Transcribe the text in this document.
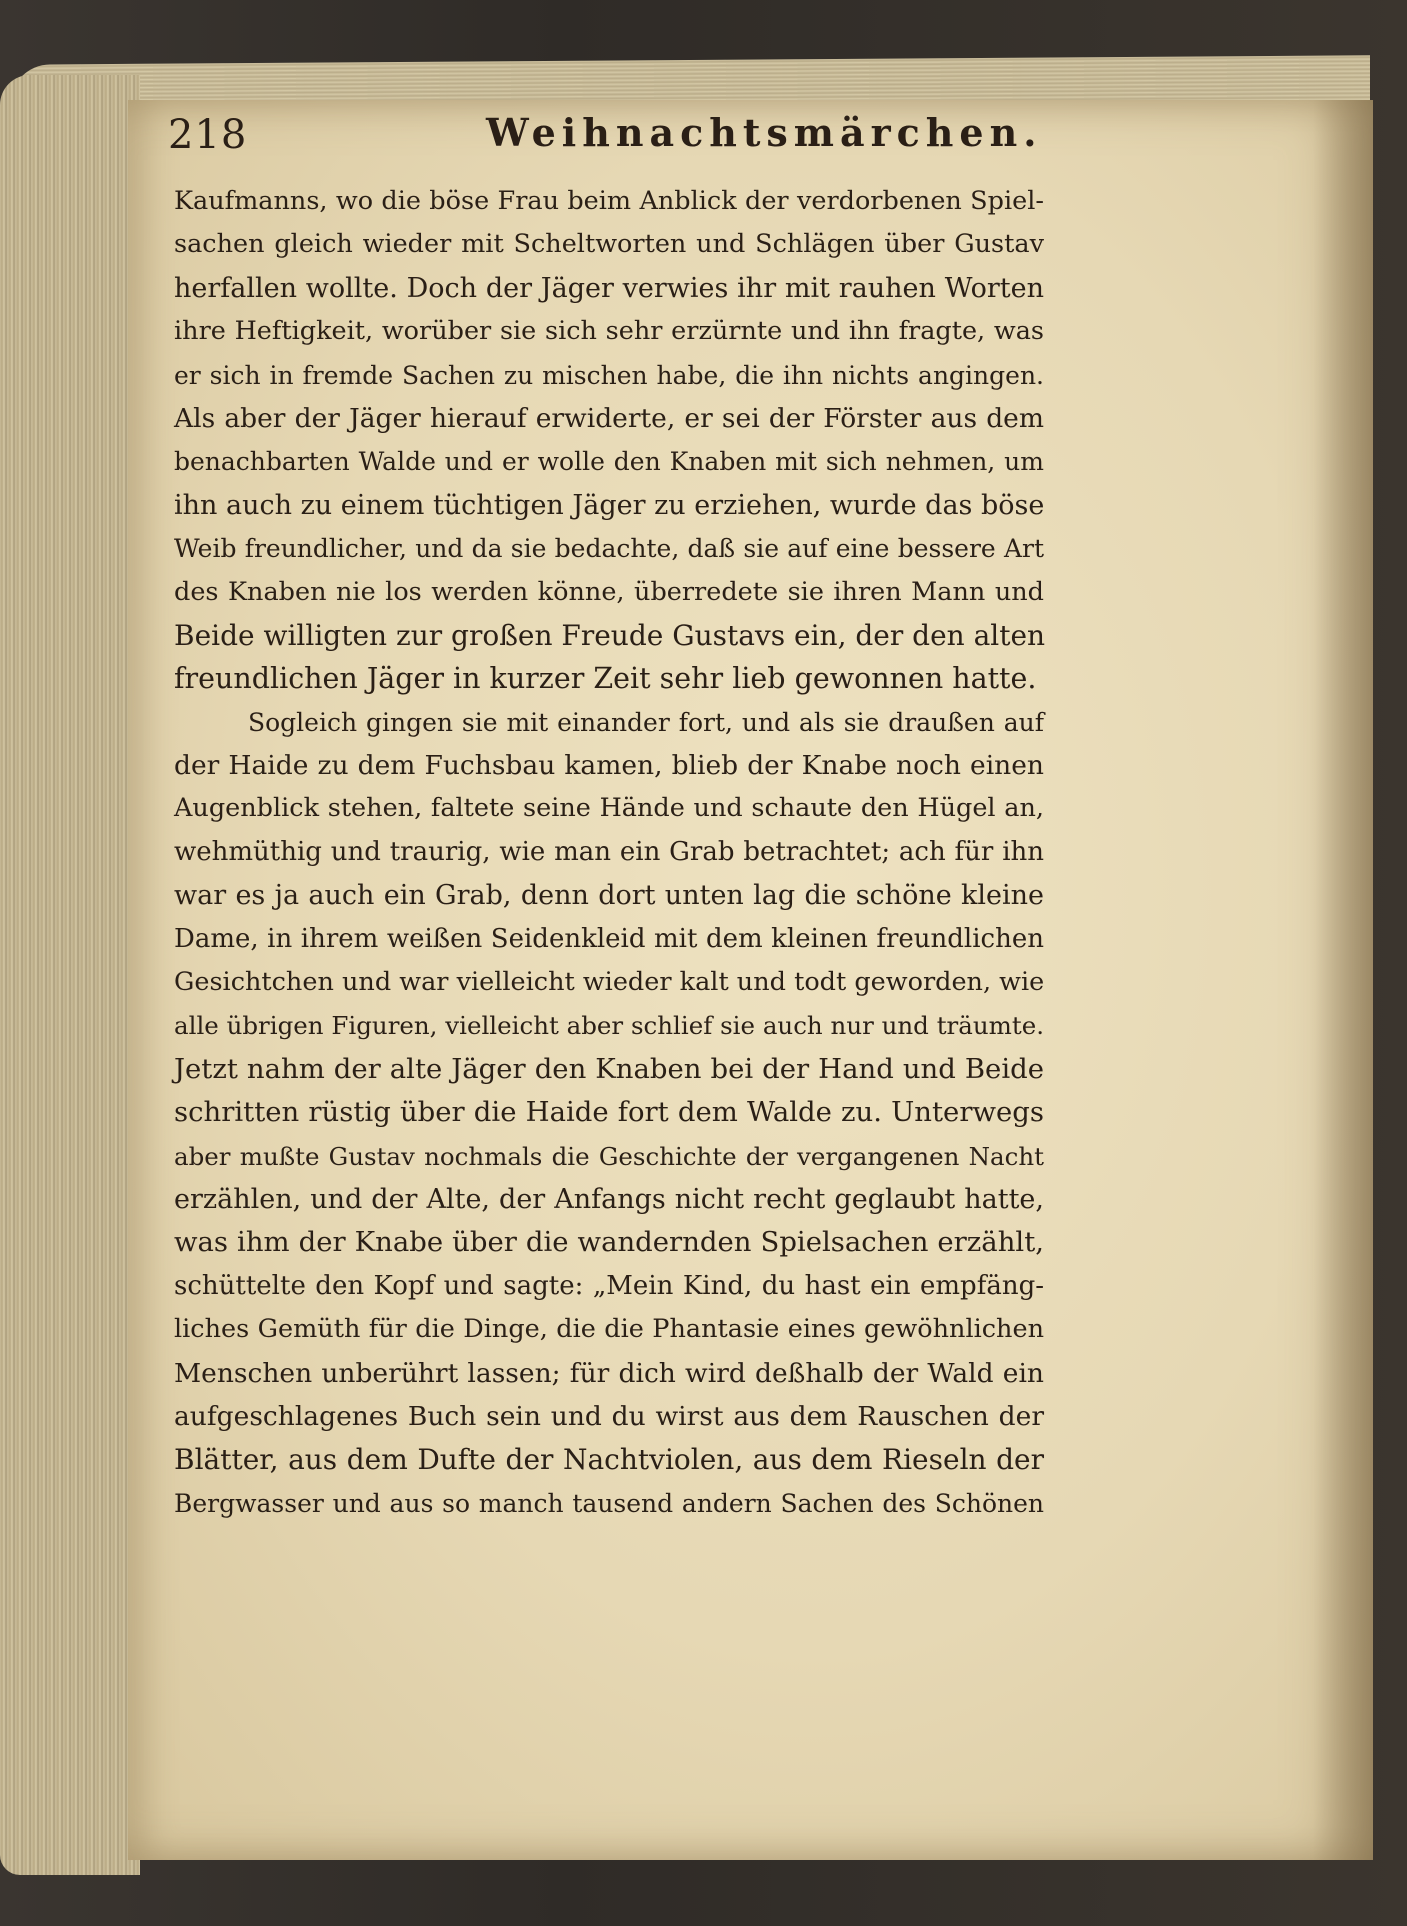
218	Weihnachtsmärchen.
Kaufmanns, wo die böse Frau beim Anblick der verdorbenen Spiel-
sachen gleich wieder mit Scheltworten und Schlägen über Gustav
herfallen wollte. Doch der Jäger verwies ihr mit rauhen Worten
ihre Heftigkeit, worüber sie sich sehr erzürnte und ihn fragte, was
er sich in fremde Sachen zu mischen habe, die ihn nichts angingen.
Als aber der Jäger hierauf erwiderte, er sei der Förster aus dem
benachbarten Walde und er wolle den Knaben mit sich nehmen, um
ihn auch zu einem tüchtigen Jäger zu erziehen, wurde das böse
Weib freundlicher, und da sie bedachte, daß sie auf eine bessere Art
des Knaben nie los werden könne, überredete sie ihren Mann und
Beide willigten zur großen Freude Gustavs ein, der den alten
freundlichen Jäger in kurzer Zeit sehr lieb gewonnen hatte.
Sogleich gingen sie mit einander fort, und als sie draußen auf
der Haide zu dem Fuchsbau kamen, blieb der Knabe noch einen
Augenblick stehen, faltete seine Hände und schaute den Hügel an,
wehmüthig und traurig, wie man ein Grab betrachtet; ach für ihn
war es ja auch ein Grab, denn dort unten lag die schöne kleine
Dame, in ihrem weißen Seidenkleid mit dem kleinen freundlichen
Gesichtchen und war vielleicht wieder kalt und todt geworden, wie
alle übrigen Figuren, vielleicht aber schlief sie auch nur und träumte.
Jetzt nahm der alte Jäger den Knaben bei der Hand und Beide
schritten rüstig über die Haide fort dem Walde zu. Unterwegs
aber mußte Gustav nochmals die Geschichte der vergangenen Nacht
erzählen, und der Alte, der Anfangs nicht recht geglaubt hatte,
was ihm der Knabe über die wandernden Spielsachen erzählt,
schüttelte den Kopf und sagte: „Mein Kind, du hast ein empfäng-
liches Gemüth für die Dinge, die die Phantasie eines gewöhnlichen
Menschen unberührt lassen; für dich wird deßhalb der Wald ein
aufgeschlagenes Buch sein und du wirst aus dem Rauschen der
Blätter, aus dem Dufte der Nachtviolen, aus dem Rieseln der
Bergwasser und aus so manch tausend andern Sachen des Schönen
